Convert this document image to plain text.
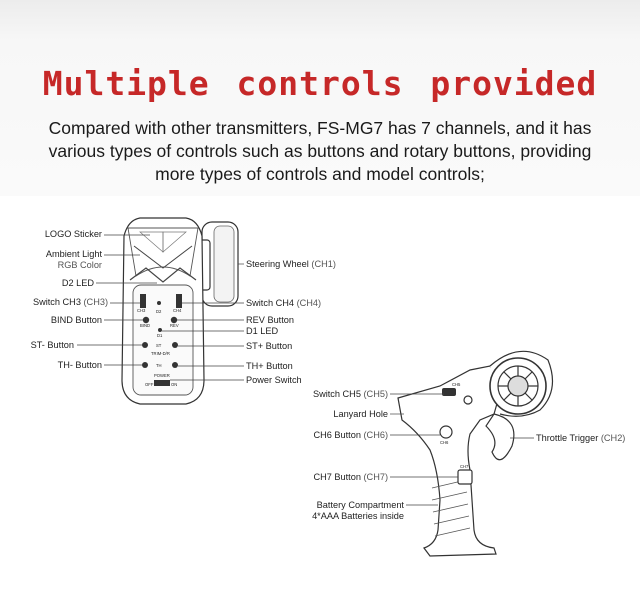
Multiple controls provided

Compared with other transmitters, FS-MG7 has 7 channels, and it has various types of controls such as buttons and rotary buttons, providing more types of controls and model controls;

CH3
BIND
D2	CH4
REV
D1
ST
TRIM-D/R
TH
POWER
OFF	ON	CH5
CH6
CH7
LOGO Sticker
Ambient Light
RGB Color
D2 LED
Switch CH3 (CH3)
BIND Button
ST- Button
TH- Button
Steering Wheel (CH1)
Switch CH4 (CH4)
REV Button
D1 LED
ST+ Button
TH+ Button
Power Switch
Switch CH5 (CH5)
Lanyard Hole
CH6 Button (CH6)
CH7 Button (CH7)
Battery Compartment
4*AAA Batteries inside
Throttle Trigger (CH2)
